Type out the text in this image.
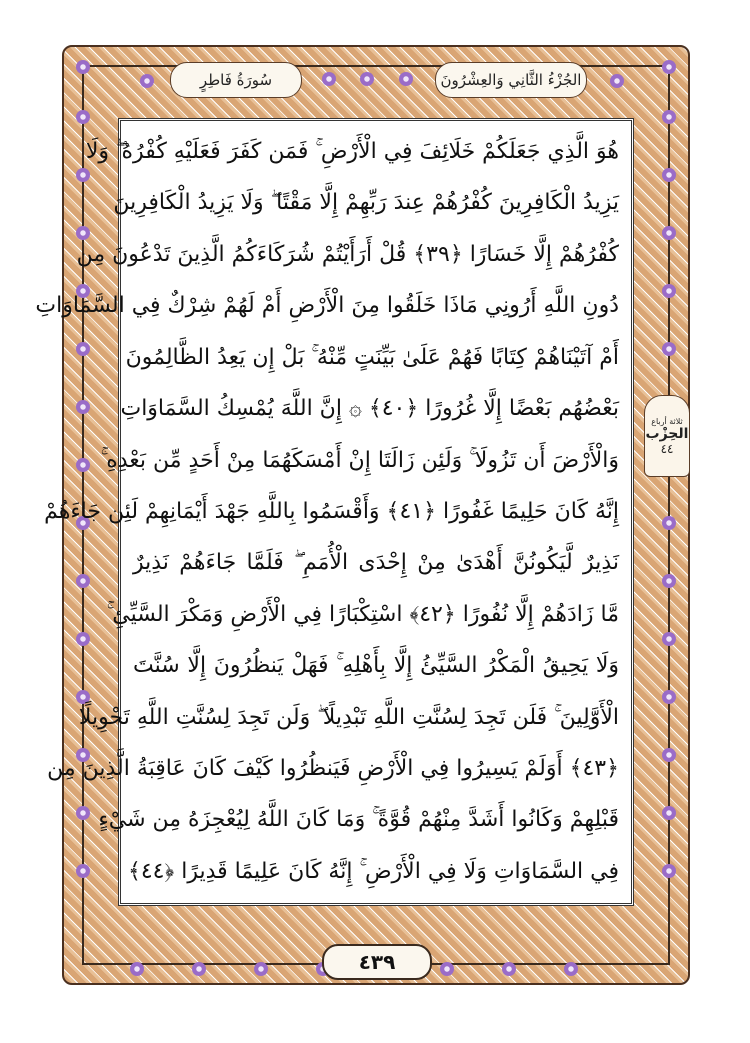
سُورَةُ فَاطِرٍ	الجُزْءُ الثَّانِي وَالعِشْرُونَ
هُوَ الَّذِي جَعَلَكُمْ خَلَائِفَ فِي الْأَرْضِ ۚ فَمَن كَفَرَ فَعَلَيْهِ كُفْرُهُ ۖ وَلَا
يَزِيدُ الْكَافِرِينَ كُفْرُهُمْ عِندَ رَبِّهِمْ إِلَّا مَقْتًا ۖ وَلَا يَزِيدُ الْكَافِرِينَ
كُفْرُهُمْ إِلَّا خَسَارًا ﴿٣٩﴾ قُلْ أَرَأَيْتُمْ شُرَكَاءَكُمُ الَّذِينَ تَدْعُونَ مِن
دُونِ اللَّهِ أَرُونِي مَاذَا خَلَقُوا مِنَ الْأَرْضِ أَمْ لَهُمْ شِرْكٌ فِي السَّمَاوَاتِ
أَمْ آتَيْنَاهُمْ كِتَابًا فَهُمْ عَلَىٰ بَيِّنَتٍ مِّنْهُ ۚ بَلْ إِن يَعِدُ الظَّالِمُونَ
بَعْضُهُم بَعْضًا إِلَّا غُرُورًا ﴿٤٠﴾ ۞ إِنَّ اللَّهَ يُمْسِكُ السَّمَاوَاتِ
وَالْأَرْضَ أَن تَزُولَا ۚ وَلَئِن زَالَتَا إِنْ أَمْسَكَهُمَا مِنْ أَحَدٍ مِّن بَعْدِهِ ۚ
إِنَّهُ كَانَ حَلِيمًا غَفُورًا ﴿٤١﴾ وَأَقْسَمُوا بِاللَّهِ جَهْدَ أَيْمَانِهِمْ لَئِن جَاءَهُمْ
نَذِيرٌ لَّيَكُونُنَّ أَهْدَىٰ مِنْ إِحْدَى الْأُمَمِ ۖ فَلَمَّا جَاءَهُمْ نَذِيرٌ
مَّا زَادَهُمْ إِلَّا نُفُورًا ﴿٤٢﴾ اسْتِكْبَارًا فِي الْأَرْضِ وَمَكْرَ السَّيِّئِ ۚ
وَلَا يَحِيقُ الْمَكْرُ السَّيِّئُ إِلَّا بِأَهْلِهِ ۚ فَهَلْ يَنظُرُونَ إِلَّا سُنَّتَ
الْأَوَّلِينَ ۚ فَلَن تَجِدَ لِسُنَّتِ اللَّهِ تَبْدِيلًا ۖ وَلَن تَجِدَ لِسُنَّتِ اللَّهِ تَحْوِيلًا
﴿٤٣﴾ أَوَلَمْ يَسِيرُوا فِي الْأَرْضِ فَيَنظُرُوا كَيْفَ كَانَ عَاقِبَةُ الَّذِينَ مِن
قَبْلِهِمْ وَكَانُوا أَشَدَّ مِنْهُمْ قُوَّةً ۚ وَمَا كَانَ اللَّهُ لِيُعْجِزَهُ مِن شَيْءٍ
فِي السَّمَاوَاتِ وَلَا فِي الْأَرْضِ ۚ إِنَّهُ كَانَ عَلِيمًا قَدِيرًا ﴿٤٤﴾
ثلاثة أرباع
الحِزْب
٤٤
٤٣٩
